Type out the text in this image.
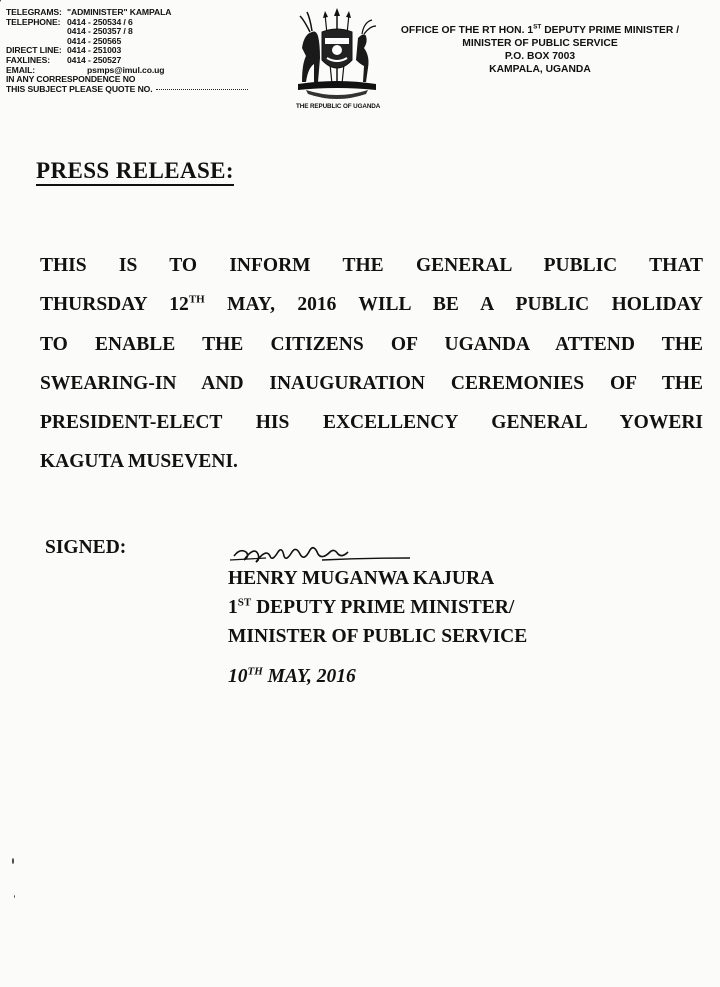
TELEGRAMS: "ADMINISTER" KAMPALA
TELEPHONE: 0414 - 250534 / 6
0414 - 250357 / 8
0414 - 250565
DIRECT LINE: 0414 - 251003
FAXLINES: 0414 - 250527
EMAIL:	psmps@imul.co.ug
IN ANY CORRESPONDENCE NO
THIS SUBJECT PLEASE QUOTE NO.
THE REPUBLIC OF UGANDA
OFFICE OF THE RT HON. 1ST DEPUTY PRIME MINISTER /
MINISTER OF PUBLIC SERVICE
P.O. BOX 7003
KAMPALA, UGANDA
PRESS RELEASE:
THIS IS TO INFORM THE GENERAL PUBLIC THAT
THURSDAY 12TH MAY, 2016 WILL BE A PUBLIC HOLIDAY
TO ENABLE THE CITIZENS OF UGANDA ATTEND THE
SWEARING-IN AND INAUGURATION CEREMONIES OF THE
PRESIDENT-ELECT HIS EXCELLENCY GENERAL YOWERI
KAGUTA MUSEVENI.
SIGNED:
HENRY MUGANWA KAJURA
1ST DEPUTY PRIME MINISTER/
MINISTER OF PUBLIC SERVICE
10TH MAY, 2016
